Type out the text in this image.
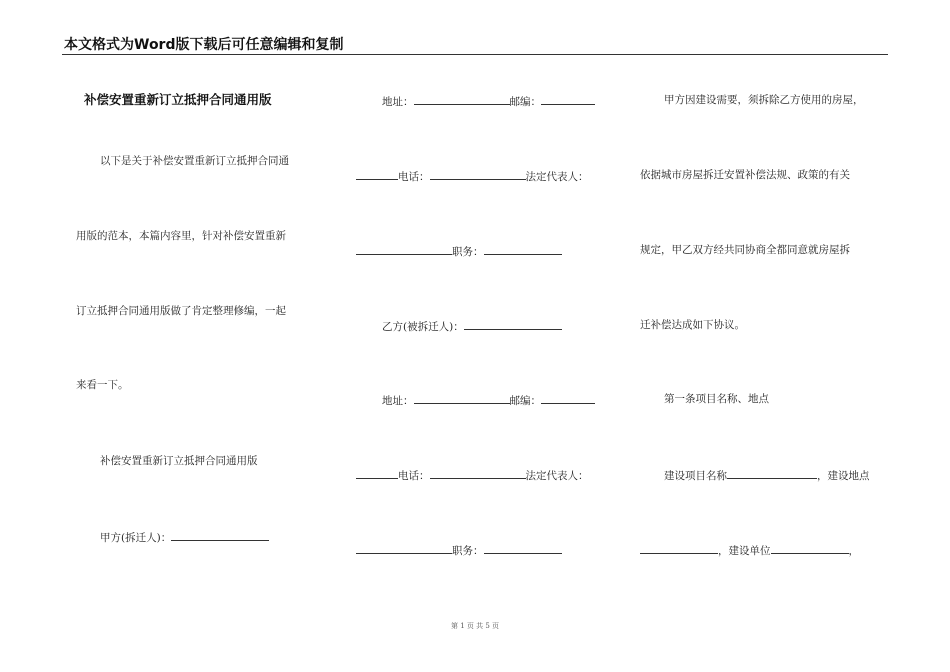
本文格式为Word版下载后可任意编辑和复制
补偿安置重新订立抵押合同通用版
以下是关于补偿安置重新订立抵押合同通
用版的范本，本篇内容里，针对补偿安置重新
订立抵押合同通用版做了肯定整理修编，一起
来看一下。
补偿安置重新订立抵押合同通用版
甲方(拆迁人)：
地址：	邮编：
电话：	法定代表人：
职务：
乙方(被拆迁人)：
地址：	邮编：
电话：	法定代表人：
职务：
甲方因建设需要，须拆除乙方使用的房屋，
依据城市房屋拆迁安置补偿法规、政策的有关
规定，甲乙双方经共同协商全都同意就房屋拆
迁补偿达成如下协议。
第一条项目名称、地点
建设项目名称	，建设地点
，建设单位	，
第 1 页 共 5 页
